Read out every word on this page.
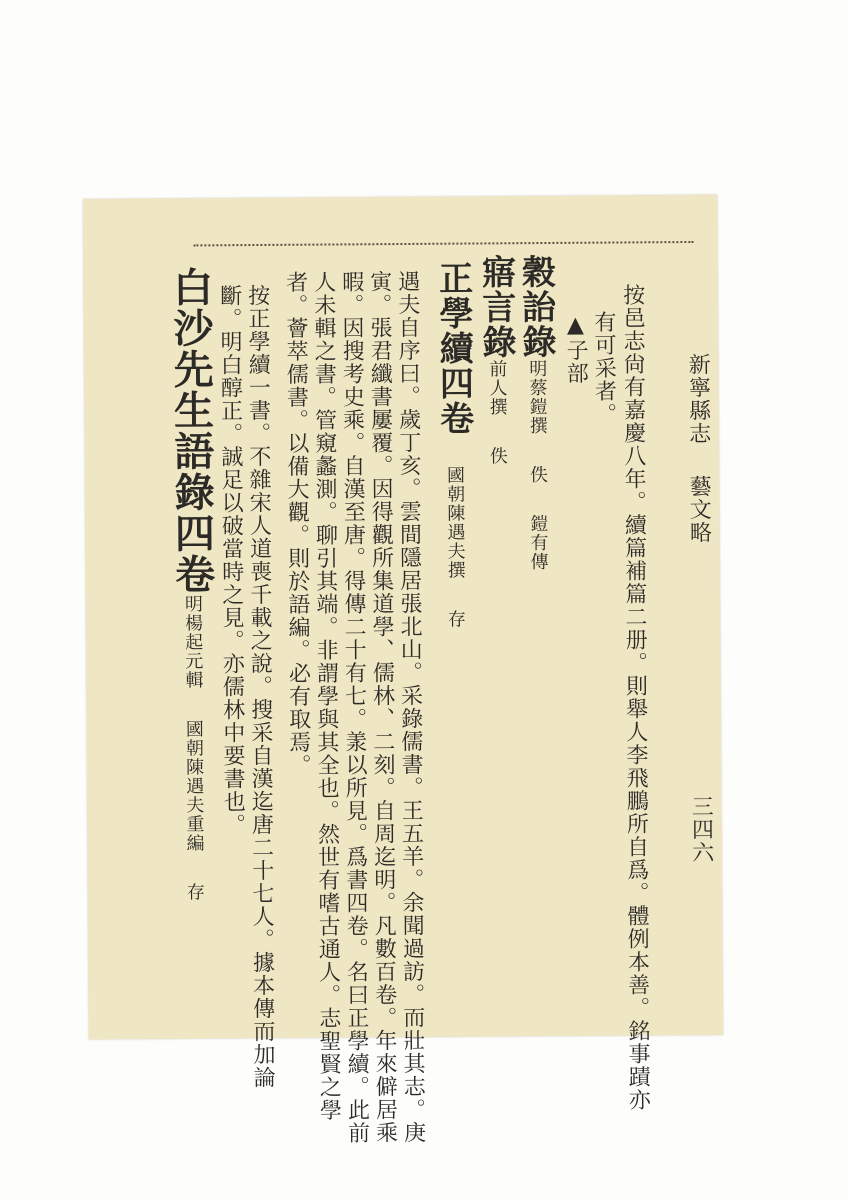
新寧縣志藝文略
三四六
按邑志尙有嘉慶八年。續篇補篇二册。則舉人李飛鵬所自爲。體例本善。銘事蹟亦
有可采者。
▲子部
穀詒錄明蔡鎧撰佚鎧有傳
寤言錄前人撰佚
正學續四卷國朝陳遇夫撰存
遇夫自序曰。歲丁亥。雲間隱居張北山。采錄儒書。王五羊。余聞過訪。而壯其志。庚
寅。張君纖書屢覆。因得觀所集道學、儒林、二刻。自周迄明。凡數百卷。年來僻居乘
暇。因搜考史乘。自漢至唐。得傳二十有七。羕以所見。爲書四卷。名曰正學續。此前
人未輯之書。管窺蠡測。聊引其端。非謂學與其全也。然世有嗜古通人。志聖賢之學
者。薈萃儒書。以備大觀。則於語編。必有取焉。
按正學續一書。不雜宋人道喪千載之說。搜采自漢迄唐二十七人。據本傳而加論
斷。明白醇正。誠足以破當時之見。亦儒林中要書也。
白沙先生語錄四卷明楊起元輯國朝陳遇夫重編存
